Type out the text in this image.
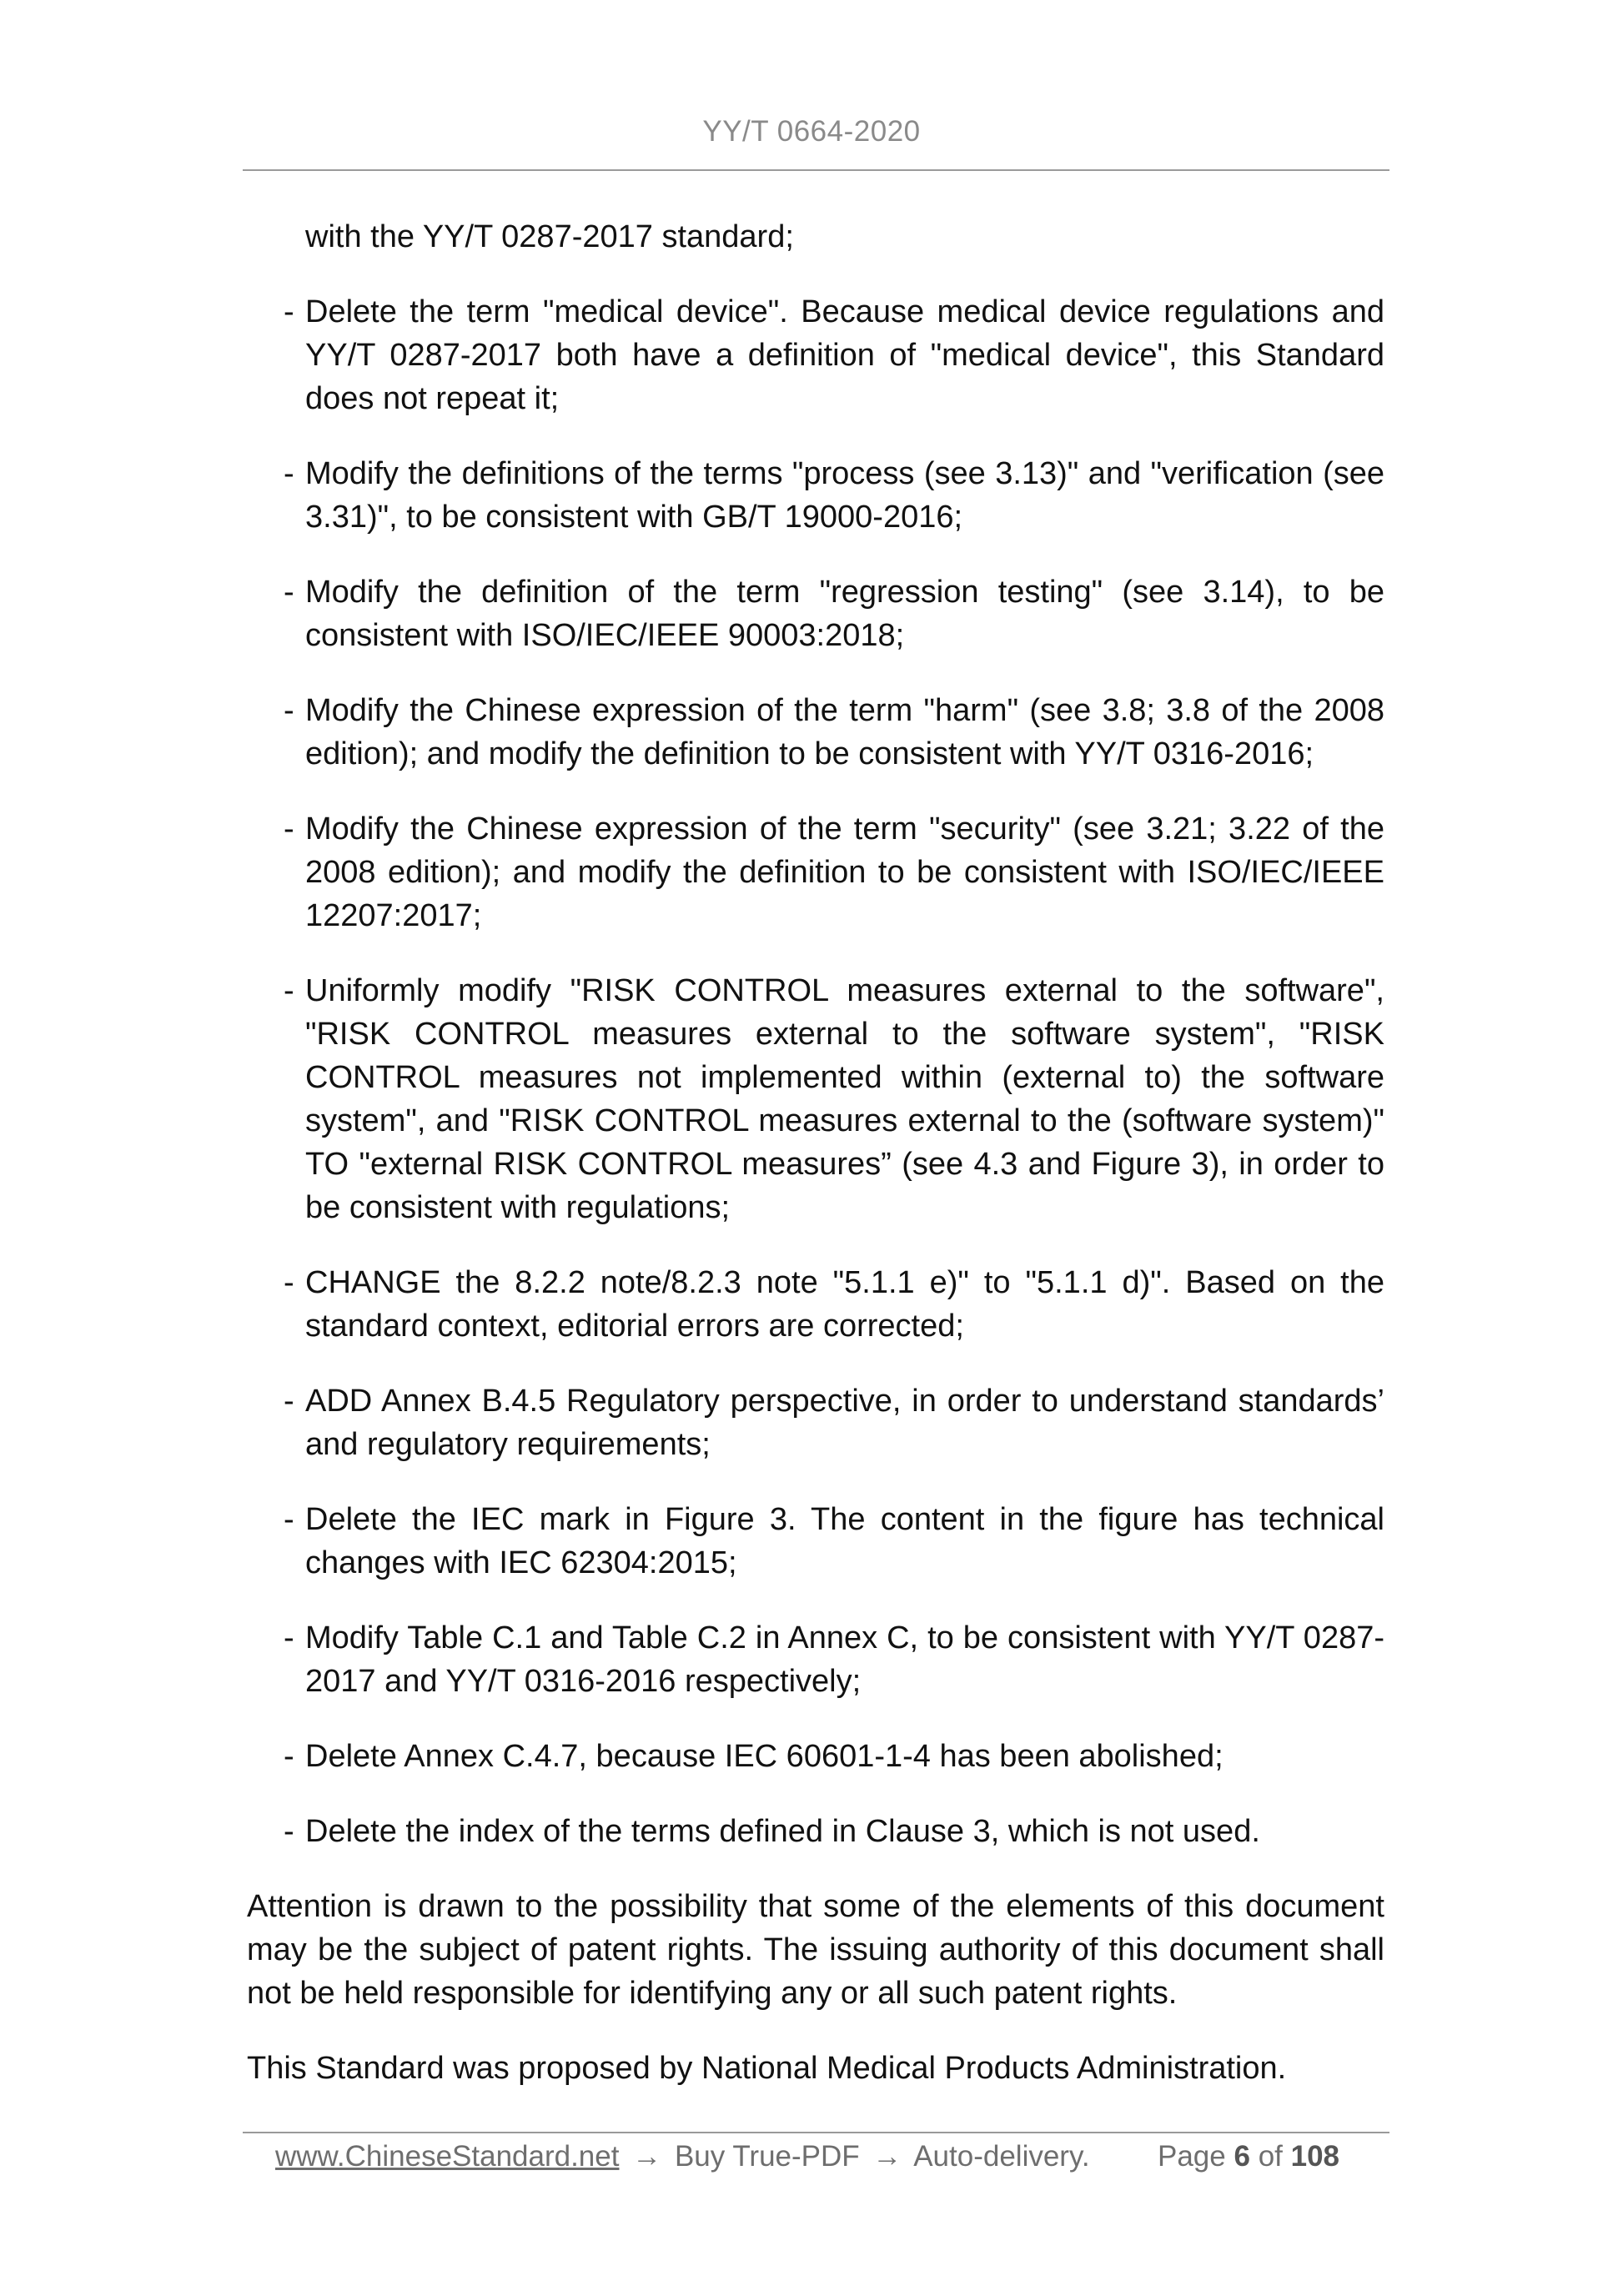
YY/T 0664-2020
with the YY/T 0287-2017 standard;
- Delete the term "medical device". Because medical device regulations and YY/T 0287-2017 both have a definition of "medical device", this Standard does not repeat it;
- Modify the definitions of the terms "process (see 3.13)" and "verification (see 3.31)", to be consistent with GB/T 19000-2016;
- Modify the definition of the term "regression testing" (see 3.14), to be consistent with ISO/IEC/IEEE 90003:2018;
- Modify the Chinese expression of the term "harm" (see 3.8; 3.8 of the 2008 edition); and modify the definition to be consistent with YY/T 0316-2016;
- Modify the Chinese expression of the term "security" (see 3.21; 3.22 of the 2008 edition); and modify the definition to be consistent with ISO/IEC/IEEE 12207:2017;
- Uniformly modify "RISK CONTROL measures external to the software", "RISK CONTROL measures external to the software system", "RISK CONTROL measures not implemented within (external to) the software system", and "RISK CONTROL measures external to the (software system)" TO "external RISK CONTROL measures” (see 4.3 and Figure 3), in order to be consistent with regulations;
- CHANGE the 8.2.2 note/8.2.3 note "5.1.1 e)" to "5.1.1 d)". Based on the standard context, editorial errors are corrected;
- ADD Annex B.4.5 Regulatory perspective, in order to understand standards’ and regulatory requirements;
- Delete the IEC mark in Figure 3. The content in the figure has technical changes with IEC 62304:2015;
- Modify Table C.1 and Table C.2 in Annex C, to be consistent with YY/T 0287-2017 and YY/T 0316-2016 respectively;
- Delete Annex C.4.7, because IEC 60601-1-4 has been abolished;
- Delete the index of the terms defined in Clause 3, which is not used.

Attention is drawn to the possibility that some of the elements of this document may be the subject of patent rights. The issuing authority of this document shall not be held responsible for identifying any or all such patent rights.

This Standard was proposed by National Medical Products Administration.

www.ChineseStandard.net → Buy True-PDF → Auto-delivery. Page 6 of 108
